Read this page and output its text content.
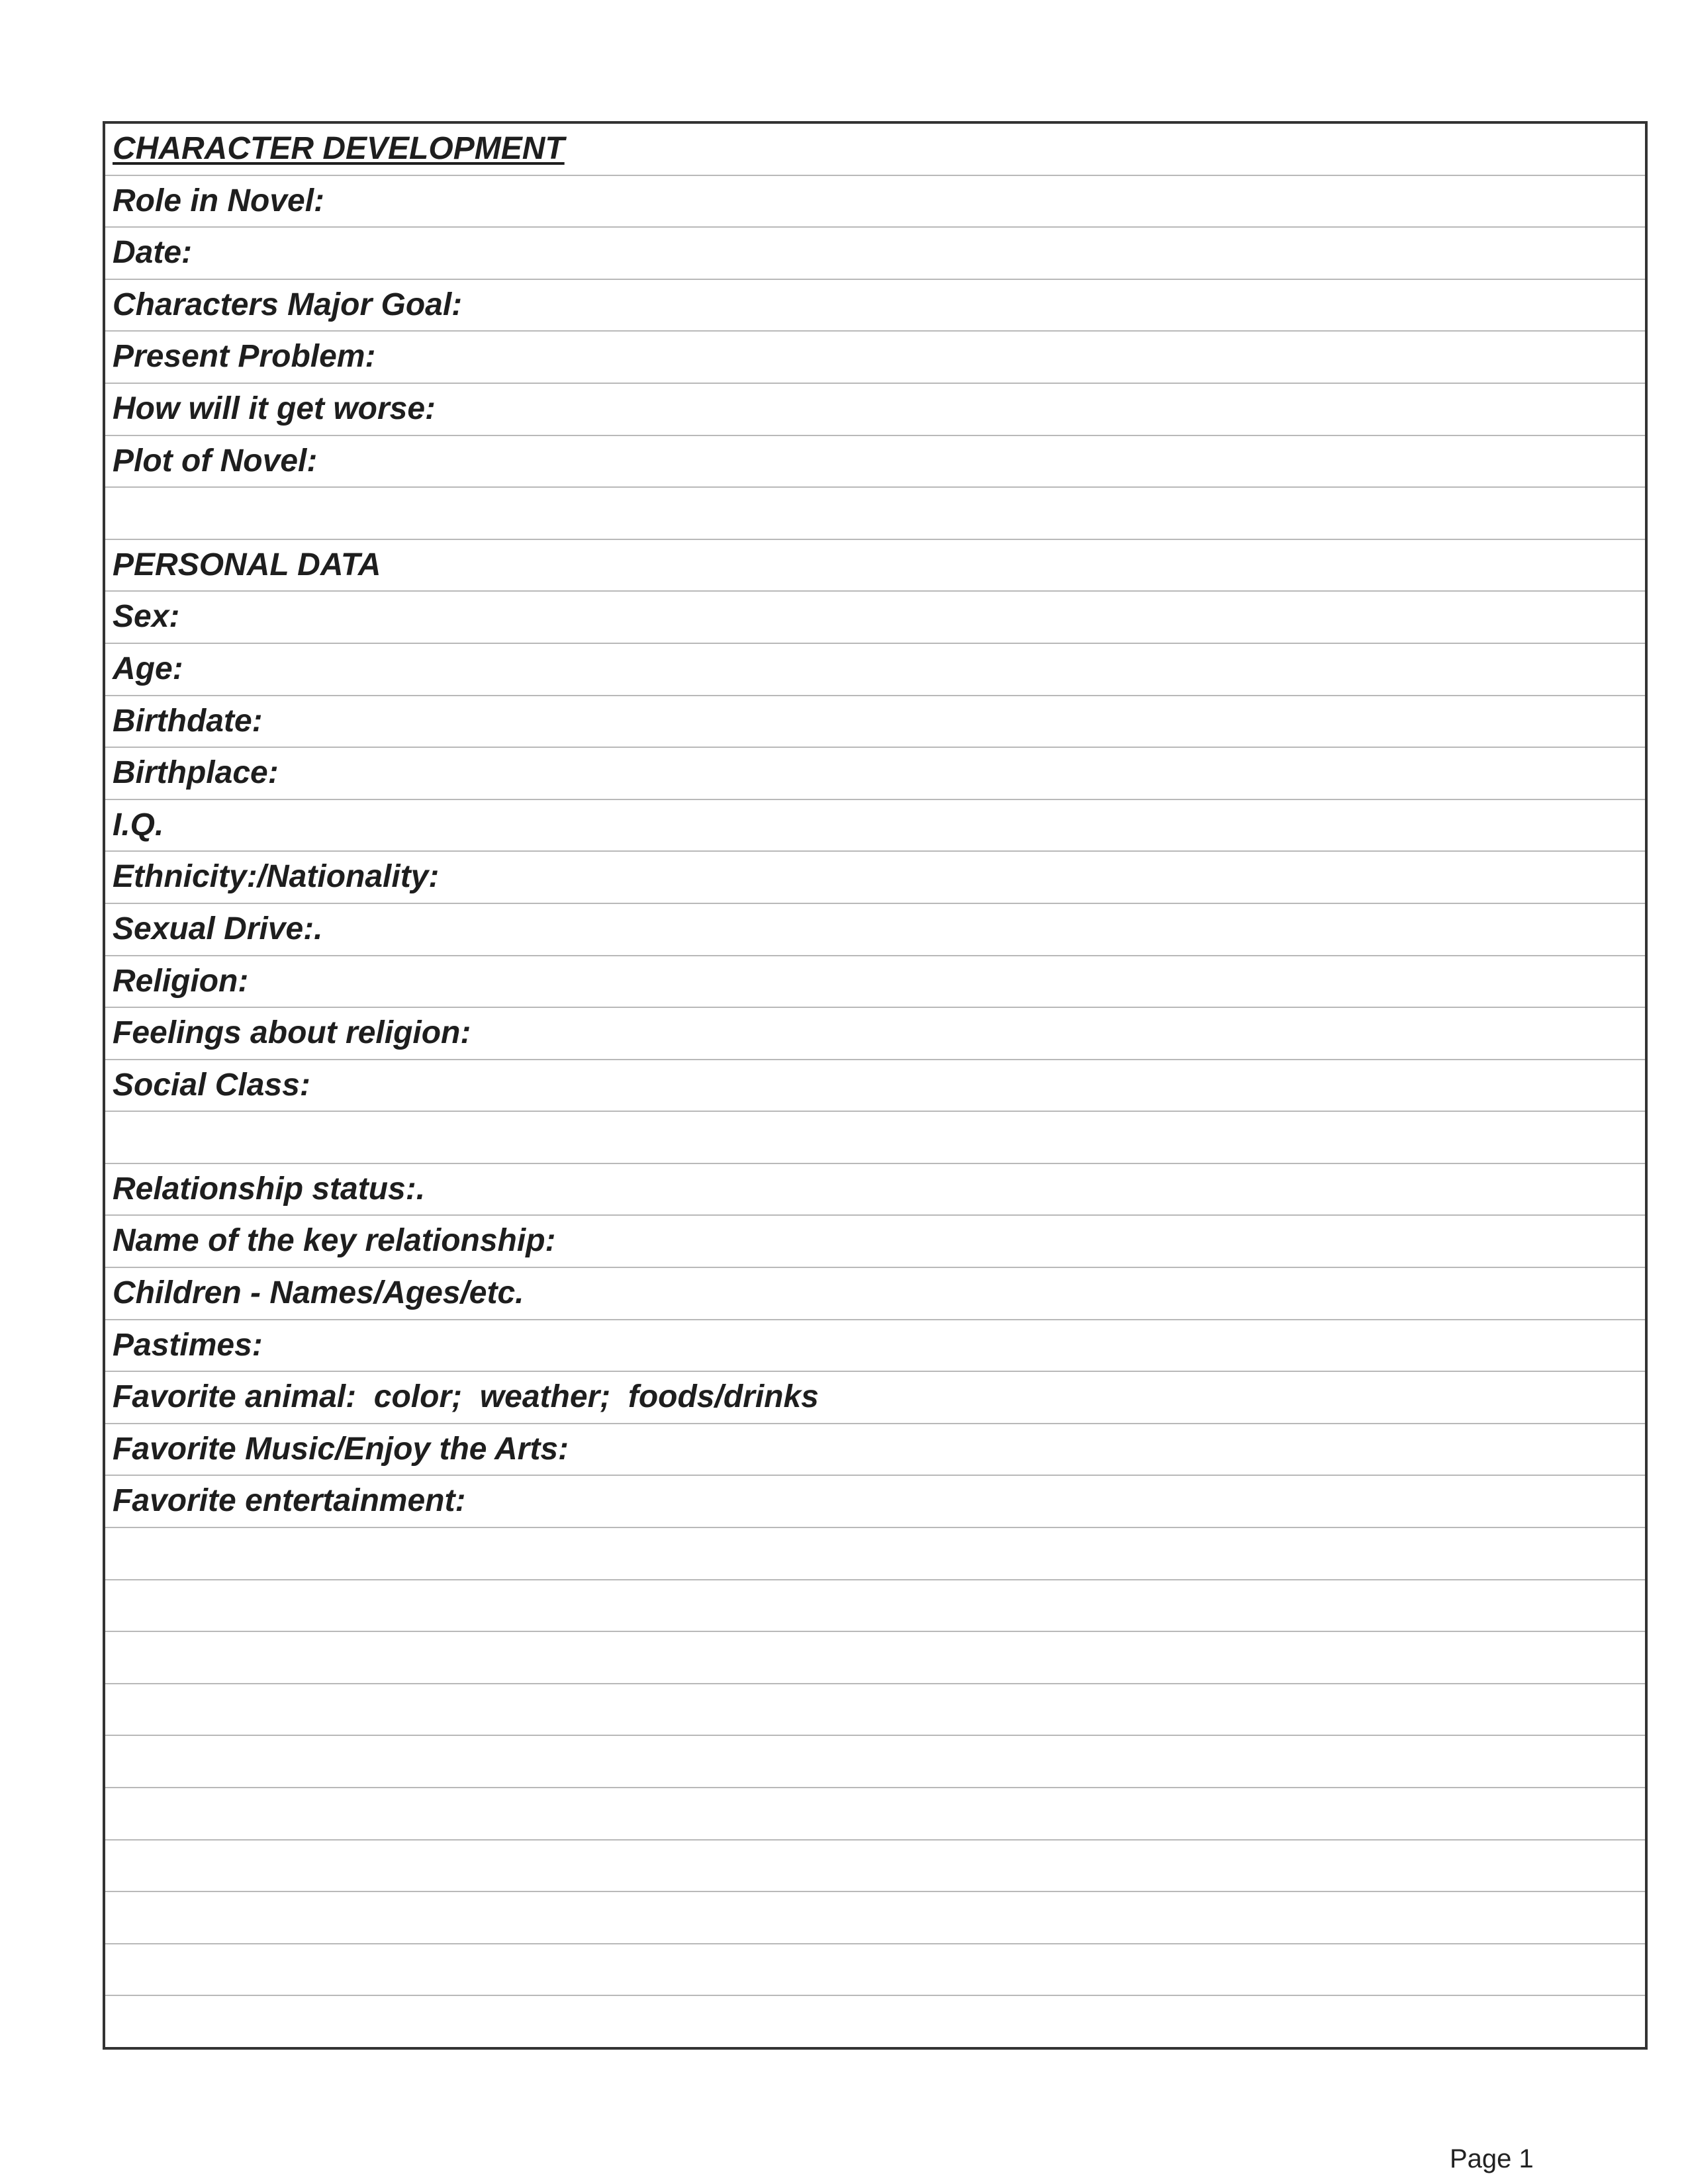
CHARACTER DEVELOPMENT
Role in Novel:
Date:
Characters Major Goal:
Present Problem:
How will it get worse:
Plot of Novel:
PERSONAL DATA
Sex:
Age:
Birthdate:
Birthplace:
I.Q.
Ethnicity:/Nationality:
Sexual Drive:.
Religion:
Feelings about religion:
Social Class:
Relationship status:.
Name of the key relationship:
Children - Names/Ages/etc.
Pastimes:
Favorite animal:  color;  weather;  foods/drinks
Favorite Music/Enjoy the Arts:
Favorite entertainment:
Page 1
